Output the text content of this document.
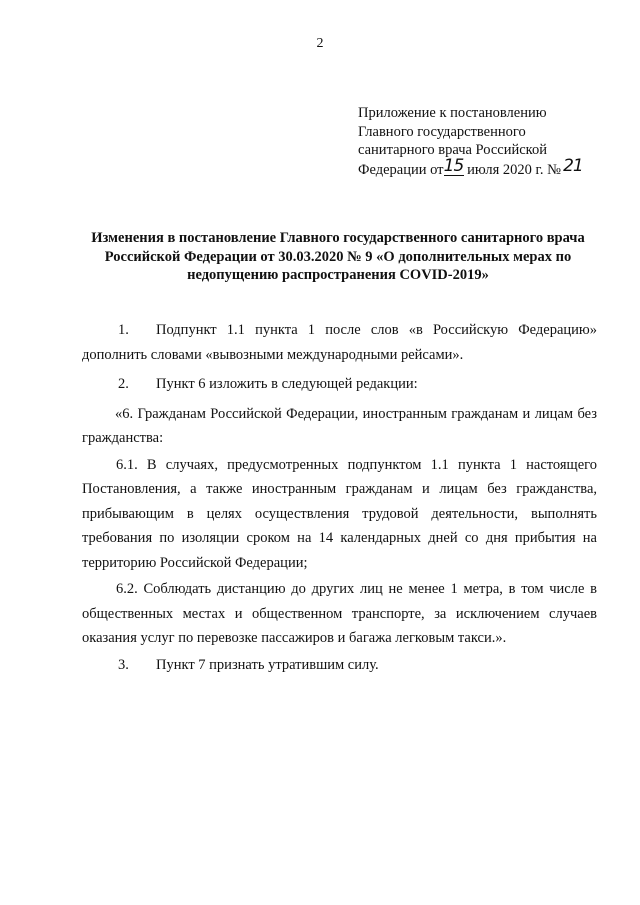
2
Приложение к постановлению
Главного государственного
санитарного врача Российской
Федерации от15 июля 2020 г. № 21
Изменения в постановление Главного государственного санитарного врача Российской Федерации от 30.03.2020 № 9 «О дополнительных мерах по недопущению распространения COVID-2019»

1. Подпункт 1.1 пункта 1 после слов «в Российскую Федерацию» дополнить словами «вывозными международными рейсами».

2. Пункт 6 изложить в следующей редакции:

«6. Гражданам Российской Федерации, иностранным гражданам и лицам без гражданства:

6.1. В случаях, предусмотренных подпунктом 1.1 пункта 1 настоящего Постановления, а также иностранным гражданам и лицам без гражданства, прибывающим в целях осуществления трудовой деятельности, выполнять требования по изоляции сроком на 14 календарных дней со дня прибытия на территорию Российской Федерации;

6.2. Соблюдать дистанцию до других лиц не менее 1 метра, в том числе в общественных местах и общественном транспорте, за исключением случаев оказания услуг по перевозке пассажиров и багажа легковым такси.».

3. Пункт 7 признать утратившим силу.
